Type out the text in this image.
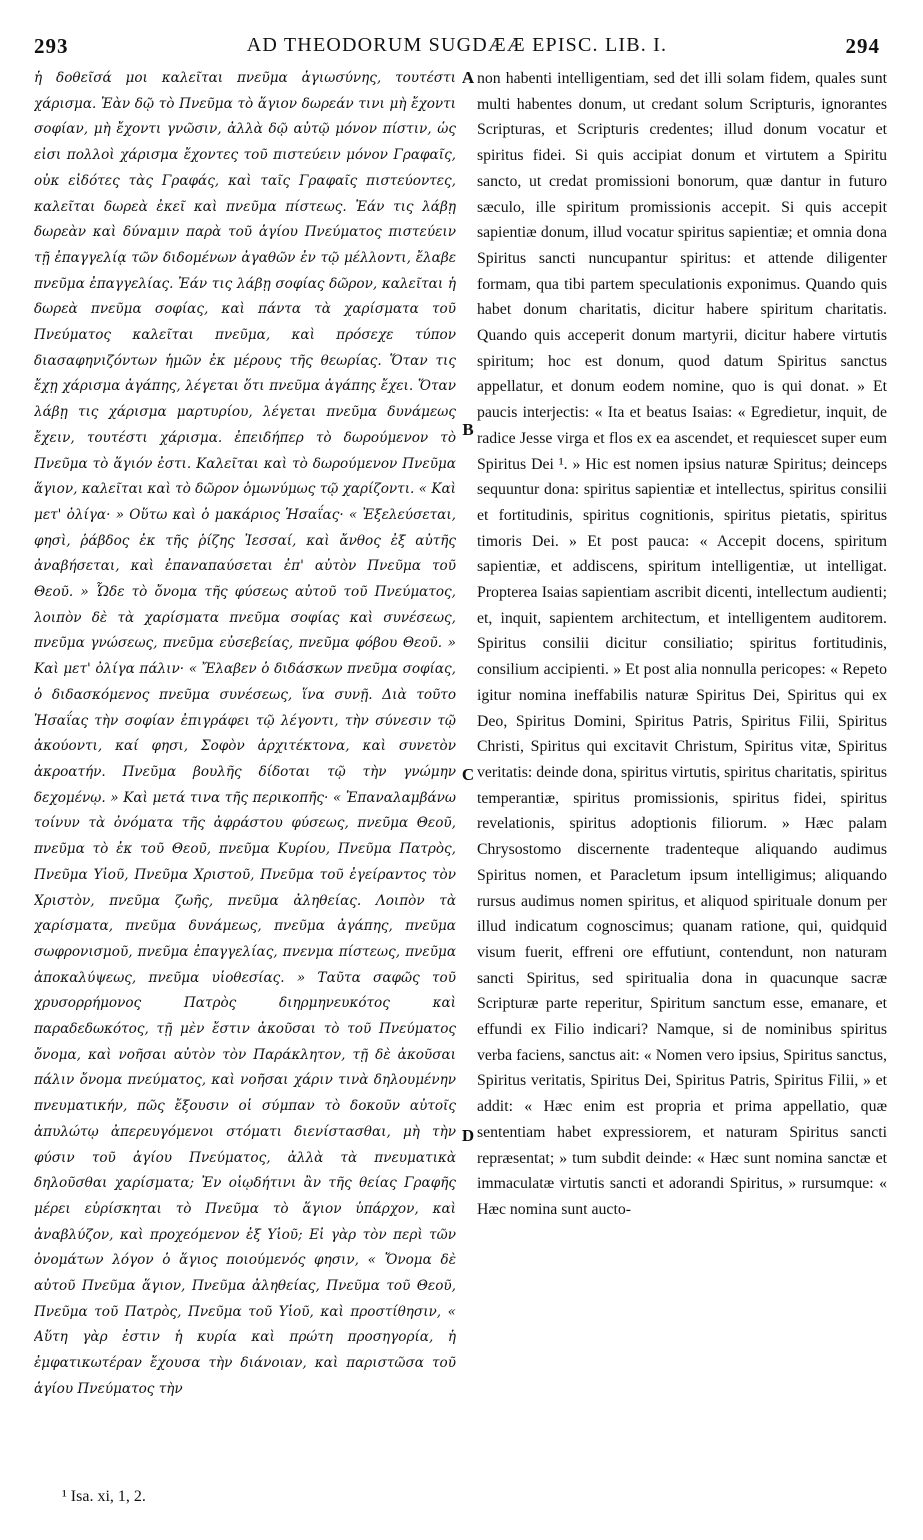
293	AD THEODORUM SUGDÆÆ EPISC. LIB. I.	294

ἡ δοθεῖσά μοι καλεῖται πνεῦμα ἁγιωσύνης, τουτέστι χάρισμα. Ἐὰν δῷ τὸ Πνεῦμα τὸ ἅγιον δωρεάν τινι μὴ ἔχοντι σοφίαν, μὴ ἔχοντι γνῶσιν, ἀλλὰ δῷ αὐτῷ μόνον πίστιν, ὡς εἰσι πολλοὶ χάρισμα ἔχοντες τοῦ πιστεύειν μόνον Γραφαῖς, οὐκ εἰδότες τὰς Γραφάς, καὶ ταῖς Γραφαῖς πιστεύοντες, καλεῖται δωρεὰ ἐκεῖ καὶ πνεῦμα πίστεως. Ἐάν τις λάβῃ δωρεὰν καὶ δύναμιν παρὰ τοῦ ἁγίου Πνεύματος πιστεύειν τῇ ἐπαγγελίᾳ τῶν διδομένων ἀγαθῶν ἐν τῷ μέλλοντι, ἔλαβε πνεῦμα ἐπαγγελίας. Ἐάν τις λάβῃ σοφίας δῶρον, καλεῖται ἡ δωρεὰ πνεῦμα σοφίας, καὶ πάντα τὰ χαρίσματα τοῦ Πνεύματος καλεῖται πνεῦμα, καὶ πρόσεχε τύπον διασαφηνιζόντων ἡμῶν ἐκ μέρους τῆς θεωρίας. Ὅταν τις ἔχῃ χάρισμα ἀγάπης, λέγεται ὅτι πνεῦμα ἀγάπης ἔχει. Ὅταν λάβῃ τις χάρισμα μαρτυρίου, λέγεται πνεῦμα δυνάμεως ἔχειν, τουτέστι χάρισμα. ἐπειδήπερ τὸ δωρούμενον τὸ Πνεῦμα τὸ ἅγιόν ἐστι. Καλεῖται καὶ τὸ δωρούμενον Πνεῦμα ἅγιον, καλεῖται καὶ τὸ δῶρον ὁμωνύμως τῷ χαρίζοντι. « Καὶ μετ' ὀλίγα· » Οὕτω καὶ ὁ μακάριος Ἡσαΐας· « Ἐξελεύσεται, φησὶ, ῥάβδος ἐκ τῆς ῥίζης Ἰεσσαί, καὶ ἄνθος ἐξ αὐτῆς ἀναβήσεται, καὶ ἐπαναπαύσεται ἐπ' αὐτὸν Πνεῦμα τοῦ Θεοῦ. » Ὧδε τὸ ὄνομα τῆς φύσεως αὐτοῦ τοῦ Πνεύματος, λοιπὸν δὲ τὰ χαρίσματα πνεῦμα σοφίας καὶ συνέσεως, πνεῦμα γνώσεως, πνεῦμα εὐσεβείας, πνεῦμα φόβου Θεοῦ. » Καὶ μετ' ὀλίγα πάλιν· « Ἔλαβεν ὁ διδάσκων πνεῦμα σοφίας, ὁ διδασκόμενος πνεῦμα συνέσεως, ἵνα συνῇ. Διὰ τοῦτο Ἡσαΐας τὴν σοφίαν ἐπιγράφει τῷ λέγοντι, τὴν σύνεσιν τῷ ἀκούοντι, καί φησι, Σοφὸν ἀρχιτέκτονα, καὶ συνετὸν ἀκροατήν. Πνεῦμα βουλῆς δίδοται τῷ τὴν γνώμην δεχομένῳ. » Καὶ μετά τινα τῆς περικοπῆς· « Ἐπαναλαμβάνω τοίνυν τὰ ὀνόματα τῆς ἀφράστου φύσεως, πνεῦμα Θεοῦ, πνεῦμα τὸ ἐκ τοῦ Θεοῦ, πνεῦμα Κυρίου, Πνεῦμα Πατρὸς, Πνεῦμα Υἱοῦ, Πνεῦμα Χριστοῦ, Πνεῦμα τοῦ ἐγείραντος τὸν Χριστὸν, πνεῦμα ζωῆς, πνεῦμα ἀληθείας. Λοιπὸν τὰ χαρίσματα, πνεῦμα δυνάμεως, πνεῦμα ἀγάπης, πνεῦμα σωφρονισμοῦ, πνεῦμα ἐπαγγελίας, πνενμα πίστεως, πνεῦμα ἀποκαλύψεως, πνεῦμα υἱοθεσίας. » Ταῦτα σαφῶς τοῦ χρυσορρήμονος Πατρὸς διηρμηνευκότος καὶ παραδεδωκότος, τῇ μὲν ἔστιν ἀκοῦσαι τὸ τοῦ Πνεύματος ὄνομα, καὶ νοῆσαι αὐτὸν τὸν Παράκλητον, τῇ δὲ ἀκοῦσαι πάλιν ὄνομα πνεύματος, καὶ νοῆσαι χάριν τινὰ δηλουμένην πνευματικήν, πῶς ἔξουσιν οἱ σύμπαν τὸ δοκοῦν αὐτοῖς ἀπυλώτῳ ἀπερευγόμενοι στόματι διενίστασθαι, μὴ τὴν φύσιν τοῦ ἁγίου Πνεύματος, ἀλλὰ τὰ πνευματικὰ δηλοῦσθαι χαρίσματα; Ἐν οἱῳδήτινι ἂν τῆς θείας Γραφῆς μέρει εὑρίσκηται τὸ Πνεῦμα τὸ ἅγιον ὑπάρχον, καὶ ἀναβλύζον, καὶ προχεόμενον ἐξ Υἱοῦ; Εἰ γὰρ τὸν περὶ τῶν ὀνομάτων λόγον ὁ ἅγιος ποιούμενός φησιν, « Ὄνομα δὲ αὐτοῦ Πνεῦμα ἅγιον, Πνεῦμα ἀληθείας, Πνεῦμα τοῦ Θεοῦ, Πνεῦμα τοῦ Πατρὸς, Πνεῦμα τοῦ Υἱοῦ, καὶ προστίθησιν, « Αὕτη γὰρ ἐστιν ἡ κυρία καὶ πρώτη προσηγορία, ἡ ἐμφατικωτέραν ἔχουσα τὴν διάνοιαν, καὶ παριστῶσα τοῦ ἁγίου Πνεύματος τὴν

A
B
C
D

non habenti intelligentiam, sed det illi solam fidem, quales sunt multi habentes donum, ut credant solum Scripturis, ignorantes Scripturas, et Scripturis credentes; illud donum vocatur et spiritus fidei. Si quis accipiat donum et virtutem a Spiritu sancto, ut credat promissioni bonorum, quæ dantur in futuro sæculo, ille spiritum promissionis accepit. Si quis accepit sapientiæ donum, illud vocatur spiritus sapientiæ; et omnia dona Spiritus sancti nuncupantur spiritus: et attende diligenter formam, qua tibi partem speculationis exponimus. Quando quis habet donum charitatis, dicitur habere spiritum charitatis. Quando quis acceperit donum martyrii, dicitur habere virtutis spiritum; hoc est donum, quod datum Spiritus sanctus appellatur, et donum eodem nomine, quo is qui donat. » Et paucis interjectis: « Ita et beatus Isaias: « Egredietur, inquit, de radice Jesse virga et flos ex ea ascendet, et requiescet super eum Spiritus Dei ¹. » Hic est nomen ipsius naturæ Spiritus; deinceps sequuntur dona: spiritus sapientiæ et intellectus, spiritus consilii et fortitudinis, spiritus cognitionis, spiritus pietatis, spiritus timoris Dei. » Et post pauca: « Accepit docens, spiritum sapientiæ, et addiscens, spiritum intelligentiæ, ut intelligat. Propterea Isaias sapientiam ascribit dicenti, intellectum audienti; et, inquit, sapientem architectum, et intelligentem auditorem. Spiritus consilii dicitur consiliatio; spiritus fortitudinis, consilium accipienti. » Et post alia nonnulla pericopes: « Repeto igitur nomina ineffabilis naturæ Spiritus Dei, Spiritus qui ex Deo, Spiritus Domini, Spiritus Patris, Spiritus Filii, Spiritus Christi, Spiritus qui excitavit Christum, Spiritus vitæ, Spiritus veritatis: deinde dona, spiritus virtutis, spiritus charitatis, spiritus temperantiæ, spiritus promissionis, spiritus fidei, spiritus revelationis, spiritus adoptionis filiorum. » Hæc palam Chrysostomo discernente tradenteque aliquando audimus Spiritus nomen, et Paracletum ipsum intelligimus; aliquando rursus audimus nomen spiritus, et aliquod spirituale donum per illud indicatum cognoscimus; quanam ratione, qui, quidquid visum fuerit, effreni ore effutiunt, contendunt, non naturam sancti Spiritus, sed spiritualia dona in quacunque sacræ Scripturæ parte reperitur, Spiritum sanctum esse, emanare, et effundi ex Filio indicari? Namque, si de nominibus spiritus verba faciens, sanctus ait: « Nomen vero ipsius, Spiritus sanctus, Spiritus veritatis, Spiritus Dei, Spiritus Patris, Spiritus Filii, » et addit: « Hæc enim est propria et prima appellatio, quæ sententiam habet expressiorem, et naturam Spiritus sancti repræsentat; » tum subdit deinde: « Hæc sunt nomina sanctæ et immaculatæ virtutis sancti et adorandi Spiritus, » rursumque: « Hæc nomina sunt aucto-

¹ Isa. xi, 1, 2.
